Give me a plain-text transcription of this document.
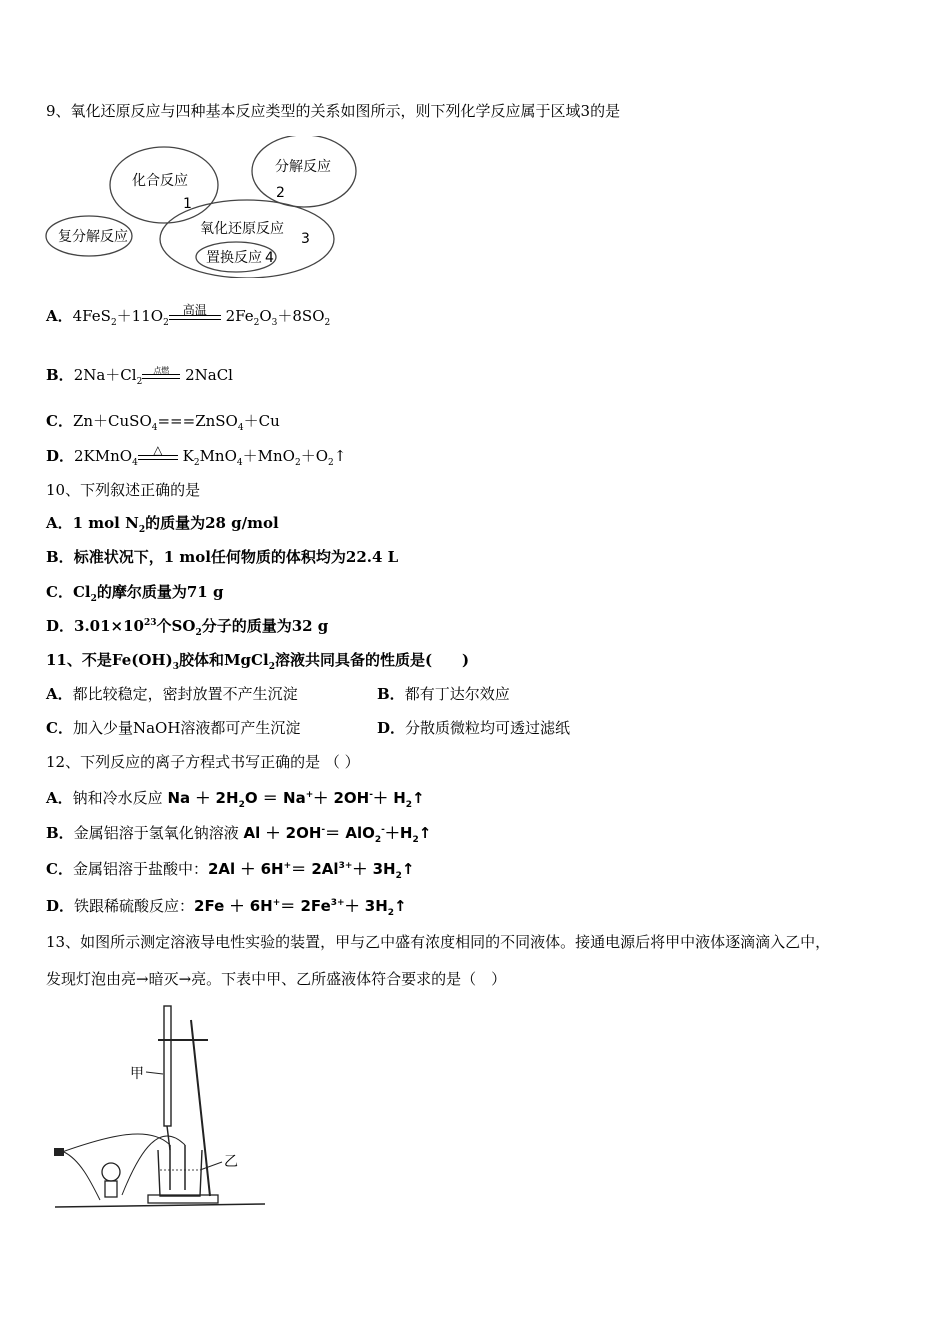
9、氧化还原反应与四种基本反应类型的关系如图所示，则下列化学反应属于区域3的是
化合反应
分解反应
复分解反应	氧化还原反应
置换反应
1
2
3
4
A．$4FeS_2+11O_2$
高温	$2Fe_2O_3+8SO_2$
B．$2Na+Cl_2$
点燃	2NaCl
C．Zn＋CuSO$_4$===ZnSO$_4$＋Cu
D．2KMnO$_4$
△	$K_2MnO_4+MnO_2+O_2↑$
10、下列叙述正确的是
A．1 mol $N_2$的质量为28 g/mol
B．标准状况下，1 mol任何物质的体积均为22.4 L
C．$Cl_2$的摩尔质量为71 g
D．$3.01\times 10^{23}$个$SO_2$分子的质量为32 g
11、不是$Fe(OH)_3$胶体和MgCl$_2$溶液共同具备的性质是(　　)
A．都比较稳定，密封放置不产生沉淀	B．都有丁达尔效应
C．加入少量NaOH溶液都可产生沉淀	D．分散质微粒均可透过滤纸
12、下列反应的离子方程式书写正确的是 （ ）
A．钠和冷水反应 $Na + 2H_2O = Na^++ 2OH^-+$ $H_2↑$
B．金属铝溶于氢氧化钠溶液 $Al + 2OH^-= AlO_2^-+H_2↑$
C．金属铝溶于盐酸中：$2Al + 6H^+= 2Al^{3+}+$ $3H_2↑$
D．铁跟稀硫酸反应：$2Fe + 6H^+= 2Fe^{3+}+$ $3H_2↑$
13、如图所示测定溶液导电性实验的装置，甲与乙中盛有浓度相同的不同液体。接通电源后将甲中液体逐滴滴入乙中，
发现灯泡由亮→暗灭→亮。下表中甲、乙所盛液体符合要求的是（　）
甲
乙
